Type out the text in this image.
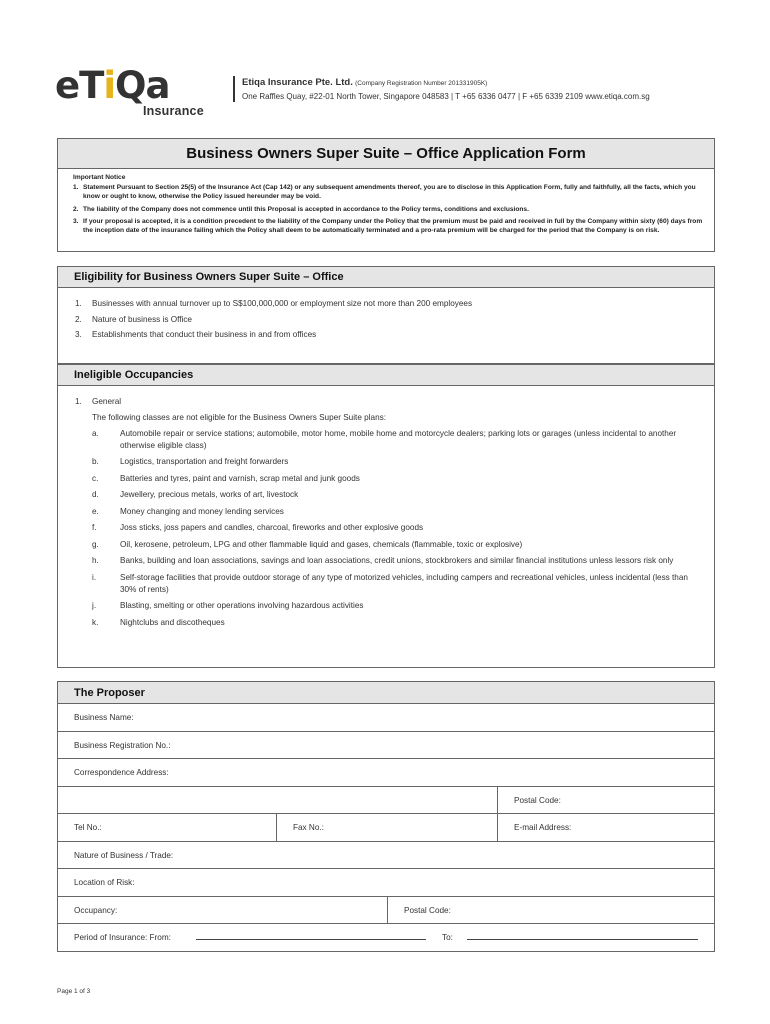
eTiQa
Insurance
Etiqa Insurance Pte. Ltd. (Company Registration Number 201331905K)
One Raffles Quay, #22-01 North Tower, Singapore 048583 | T +65 6336 0477 | F +65 6339 2109 www.etiqa.com.sg
Business Owners Super Suite – Office Application Form
Important Notice
1. Statement Pursuant to Section 25(5) of the Insurance Act (Cap 142) or any subsequent amendments thereof, you are to disclose in this Application Form, fully and faithfully, all the facts, which you know or ought to know, otherwise the Policy issued hereunder may be void.
2. The liability of the Company does not commence until this Proposal is accepted in accordance to the Policy terms, conditions and exclusions.
3. If your proposal is accepted, it is a condition precedent to the liability of the Company under the Policy that the premium must be paid and received in full by the Company within sixty (60) days from the inception date of the insurance failing which the Policy shall deem to be automatically terminated and a pro-rata premium will be charged for the period that the Company is on risk.
Eligibility for Business Owners Super Suite – Office
1. Businesses with annual turnover up to S$100,000,000 or employment size not more than 200 employees
2. Nature of business is Office
3. Establishments that conduct their business in and from offices
Ineligible Occupancies
1. General
The following classes are not eligible for the Business Owners Super Suite plans:
a.	Automobile repair or service stations; automobile, motor home, mobile home and motorcycle dealers; parking lots or garages (unless incidental to another otherwise eligible class)
b.	Logistics, transportation and freight forwarders
c.	Batteries and tyres, paint and varnish, scrap metal and junk goods
d.	Jewellery, precious metals, works of art, livestock
e.	Money changing and money lending services
f.	Joss sticks, joss papers and candles, charcoal, fireworks and other explosive goods
g.	Oil, kerosene, petroleum, LPG and other flammable liquid and gases, chemicals (flammable, toxic or explosive)
h.	Banks, building and loan associations, savings and loan associations, credit unions, stockbrokers and similar financial institutions unless lessors risk only
i.	Self-storage facilities that provide outdoor storage of any type of motorized vehicles, including campers and recreational vehicles, unless incidental (less than 30% of rents)
j.	Blasting, smelting or other operations involving hazardous activities
k.	Nightclubs and discotheques
The Proposer
Business Name:
Business Registration No.:
Correspondence Address:
Postal Code:
Tel No.:	Fax No.:	E-mail Address:
Nature of Business / Trade:
Location of Risk:
Occupancy:	Postal Code:
Period of Insurance: From:	To:
Page 1 of 3
